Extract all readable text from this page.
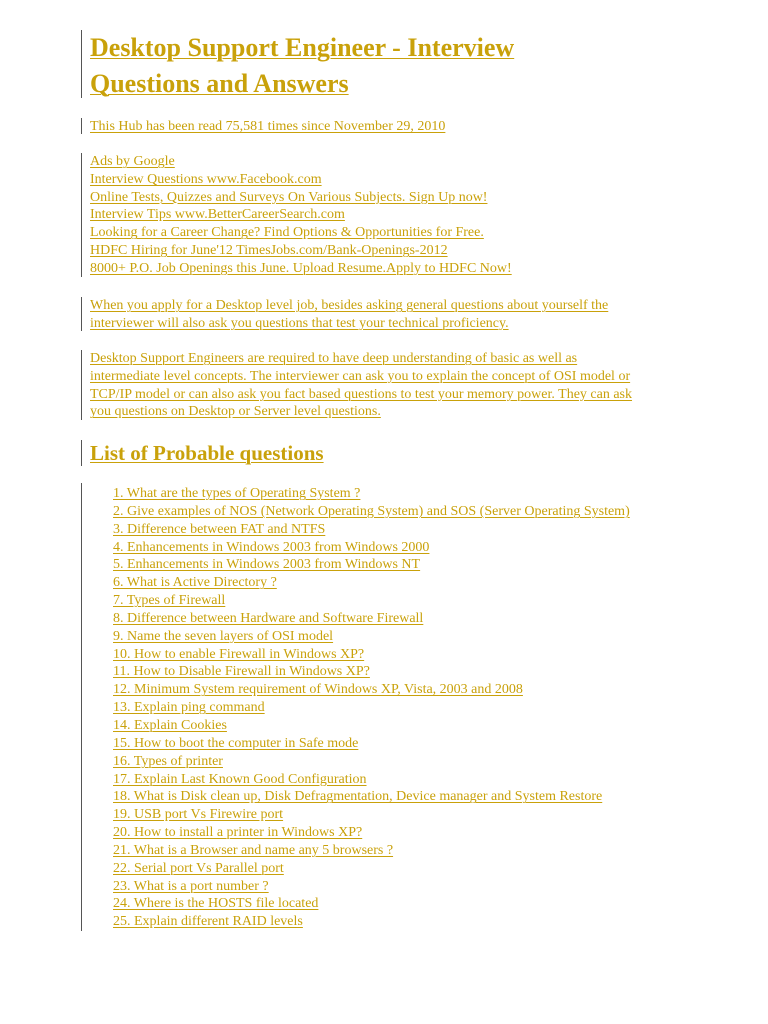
Desktop Support Engineer - Interview
Questions and Answers
This Hub has been read 75,581 times since November 29, 2010
Ads by Google
Interview Questions www.Facebook.com
Online Tests, Quizzes and Surveys On Various Subjects. Sign Up now!
Interview Tips www.BetterCareerSearch.com
Looking for a Career Change? Find Options & Opportunities for Free.
HDFC Hiring for June'12 TimesJobs.com/Bank-Openings-2012
8000+ P.O. Job Openings this June. Upload Resume.Apply to HDFC Now!
When you apply for a Desktop level job, besides asking general questions about yourself the
interviewer will also ask you questions that test your technical proficiency.
Desktop Support Engineers are required to have deep understanding of basic as well as
intermediate level concepts. The interviewer can ask you to explain the concept of OSI model or
TCP/IP model or can also ask you fact based questions to test your memory power. They can ask
you questions on Desktop or Server level questions.
List of Probable questions
1. What are the types of Operating System ?
2. Give examples of NOS (Network Operating System) and SOS (Server Operating System)
3. Difference between FAT and NTFS
4. Enhancements in Windows 2003 from Windows 2000
5. Enhancements in Windows 2003 from Windows NT
6. What is Active Directory ?
7. Types of Firewall
8. Difference between Hardware and Software Firewall
9. Name the seven layers of OSI model
10. How to enable Firewall in Windows XP?
11. How to Disable Firewall in Windows XP?
12. Minimum System requirement of Windows XP, Vista, 2003 and 2008
13. Explain ping command
14. Explain Cookies
15. How to boot the computer in Safe mode
16. Types of printer
17. Explain Last Known Good Configuration
18. What is Disk clean up, Disk Defragmentation, Device manager and System Restore
19. USB port Vs Firewire port
20. How to install a printer in Windows XP?
21. What is a Browser and name any 5 browsers ?
22. Serial port Vs Parallel port
23. What is a port number ?
24. Where is the HOSTS file located
25. Explain different RAID levels
